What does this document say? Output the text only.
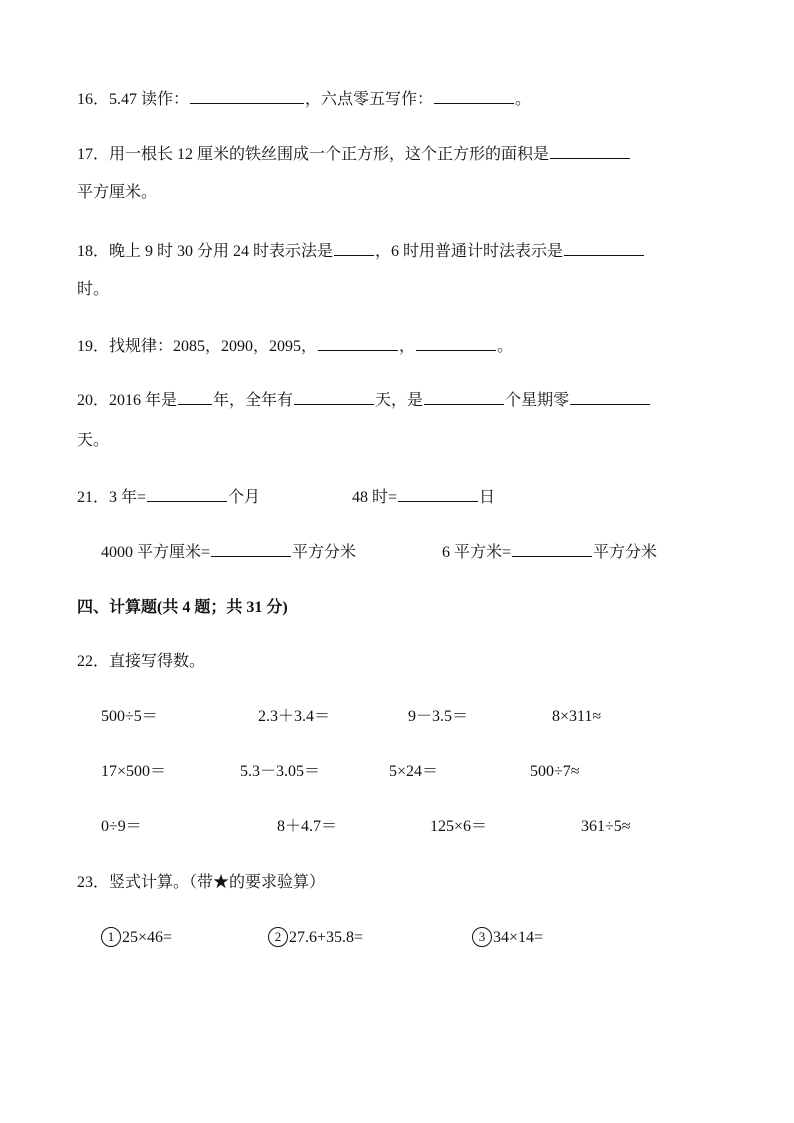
16．5.47 读作：	，六点零五写作：	。
17．用一根长 12 厘米的铁丝围成一个正方形，这个正方形的面积是
平方厘米。
18．晚上 9 时 30 分用 24 时表示法是	，6 时用普通计时法表示是
时。
19．找规律：2085，2090，2095，	，	。
20．2016 年是 年，全年有	天，是	个星期零
天。
21．3 年=	个月	48 时=	日
4000 平方厘米=	平方分米	6 平方米=	平方分米
四、计算题(共 4 题；共 31 分)
22．直接写得数。
500÷5＝	2.3＋3.4＝	9－3.5＝	8×311≈
17×500＝	5.3－3.05＝	5×24＝	500÷7≈
0÷9＝	8＋4.7＝	125×6＝	361÷5≈
23．竖式计算。（带★的要求验算）
1 25×46=	2 27.6+35.8=	3 34×14=
